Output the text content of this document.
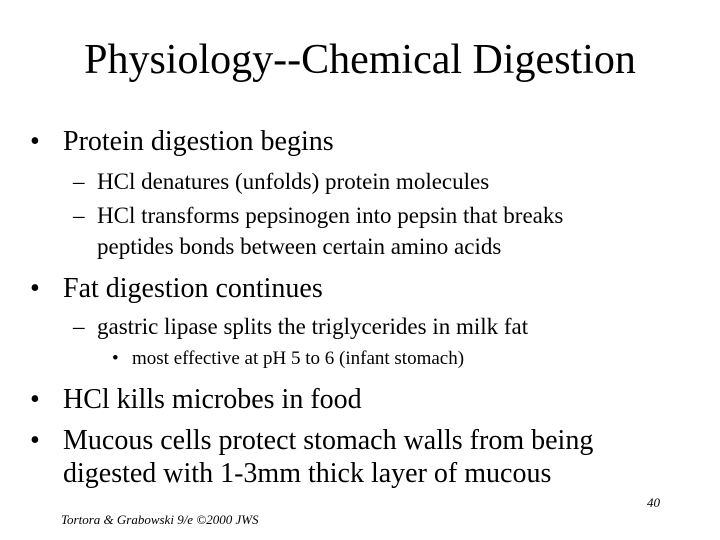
Physiology--Chemical Digestion
• Protein digestion begins
– HCl denatures (unfolds) protein molecules
– HCl transforms pepsinogen into pepsin that breaks
peptides bonds between certain amino acids
• Fat digestion continues
– gastric lipase splits the triglycerides in milk fat
• most effective at pH 5 to 6 (infant stomach)
• HCl kills microbes in food
• Mucous cells protect stomach walls from being
digested with 1-3mm thick layer of mucous
40
Tortora & Grabowski 9/e ©2000 JWS
